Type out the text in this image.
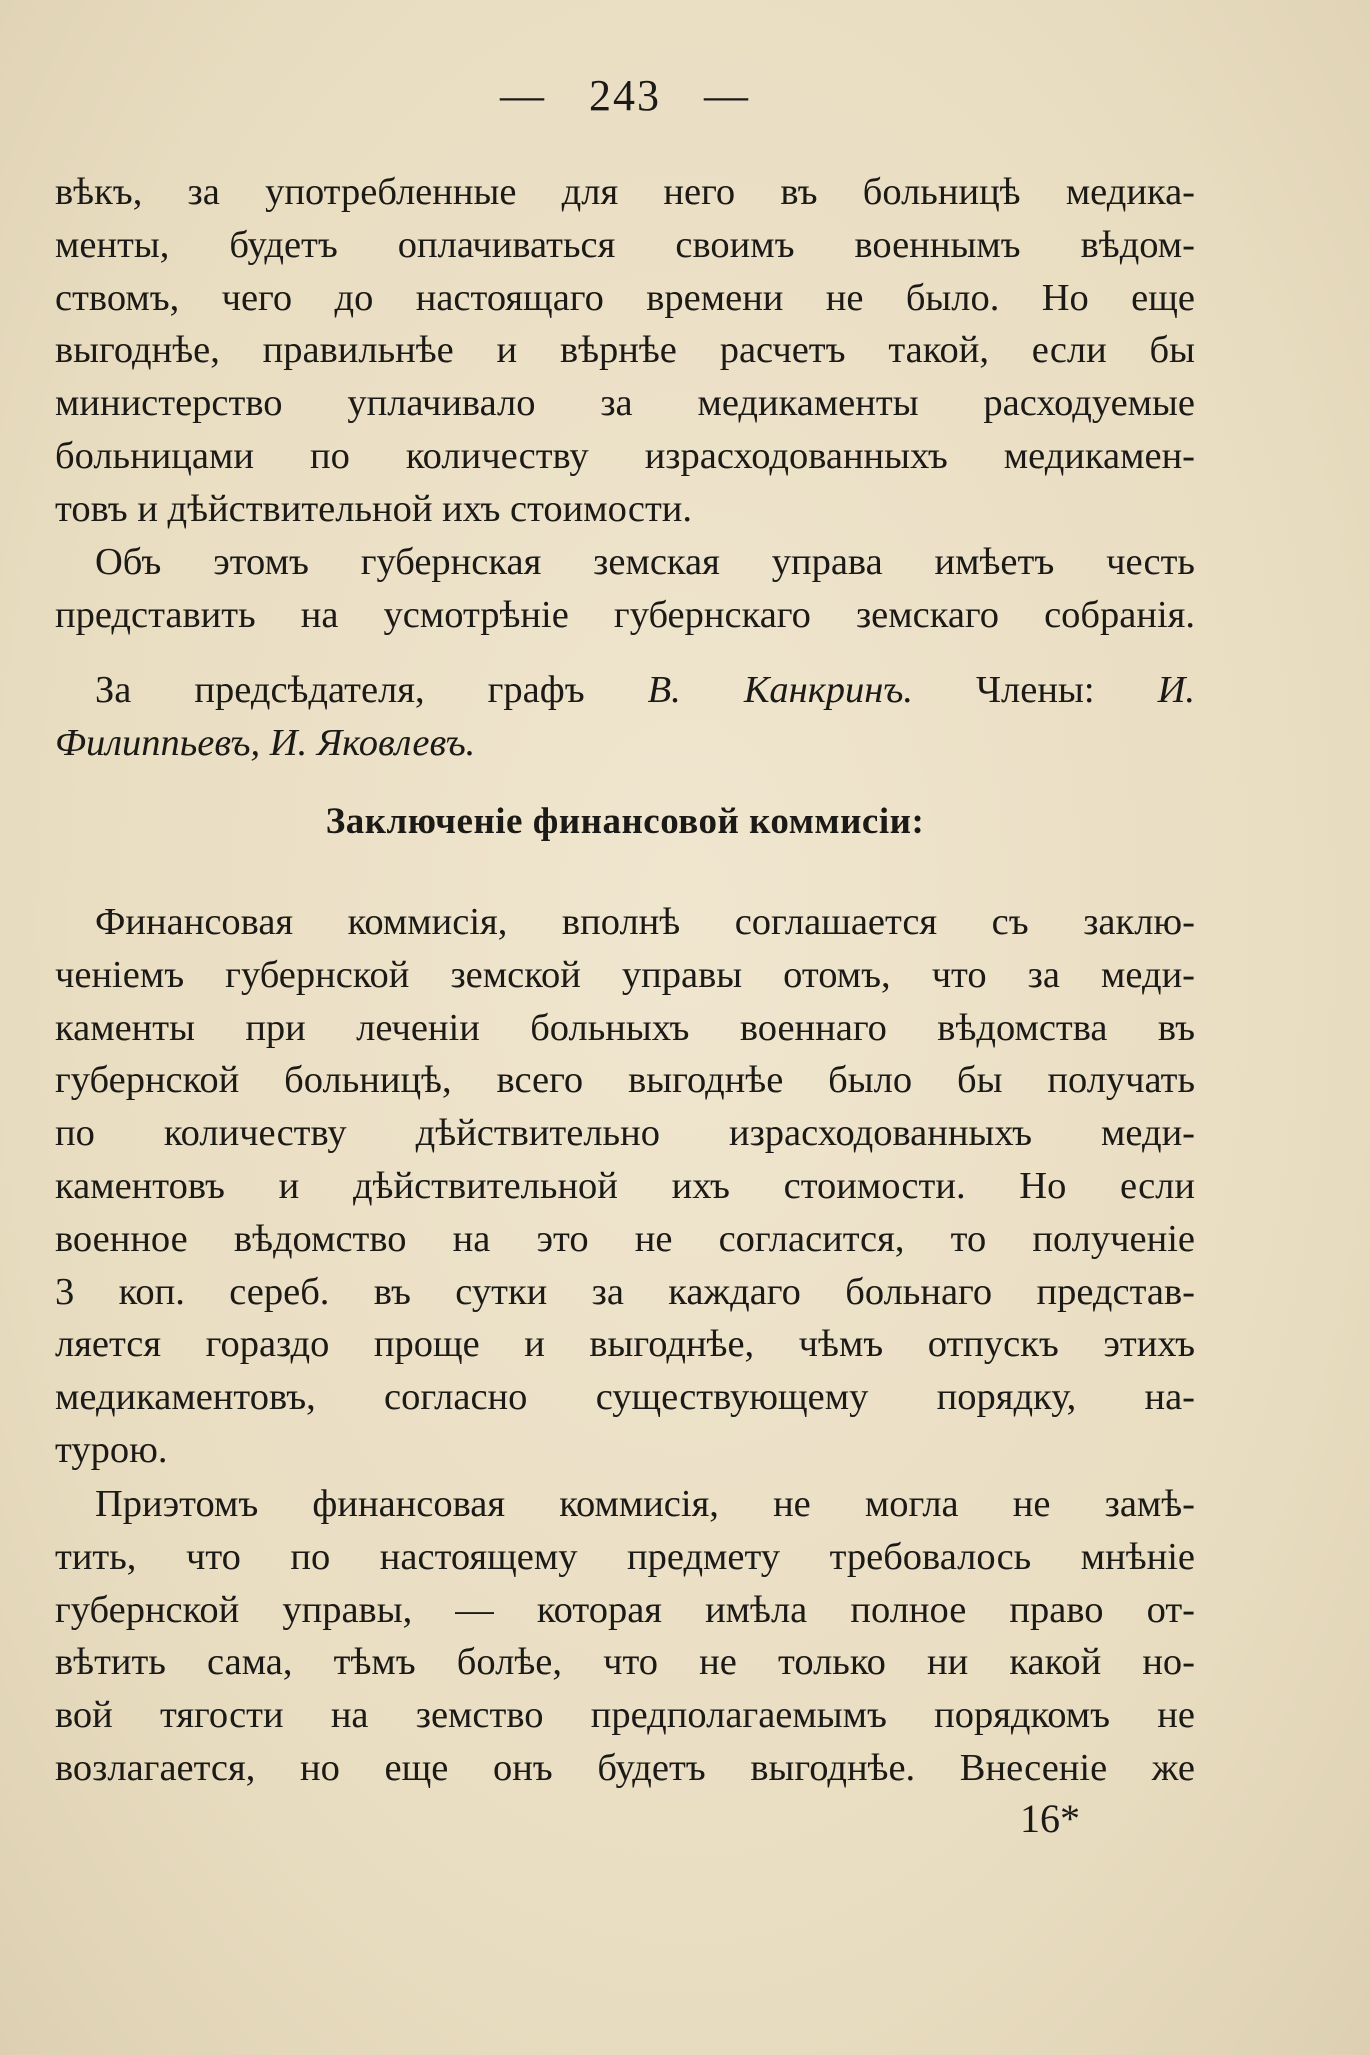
— 243 —
вѣкъ, за употребленные для него въ больницѣ медика-
менты, будетъ оплачиваться своимъ военнымъ вѣдом-
ствомъ, чего до настоящаго времени не было. Но еще
выгоднѣе, правильнѣе и вѣрнѣе расчетъ такой, если бы
министерство уплачивало за медикаменты расходуемые
больницами по количеству израсходованныхъ медикамен-
товъ и дѣйствительной ихъ стоимости.
Объ этомъ губернская земская управа имѣетъ честь
представить на усмотрѣніе губернскаго земскаго собранія.
За предсѣдателя, графъ В. Канкринъ. Члены: И.
Филиппьевъ, И. Яковлевъ.
Заключеніе финансовой коммисіи:
Финансовая коммисія, вполнѣ соглашается съ заклю-
ченіемъ губернской земской управы отомъ, что за меди-
каменты при леченіи больныхъ военнаго вѣдомства въ
губернской больницѣ, всего выгоднѣе было бы получать
по количеству дѣйствительно израсходованныхъ меди-
каментовъ и дѣйствительной ихъ стоимости. Но если
военное вѣдомство на это не согласится, то полученіе
3 коп. сереб. въ сутки за каждаго больнаго представ-
ляется гораздо проще и выгоднѣе, чѣмъ отпускъ этихъ
медикаментовъ, согласно существующему порядку, на-
турою.
Приэтомъ финансовая коммисія, не могла не замѣ-
тить, что по настоящему предмету требовалось мнѣніе
губернской управы, — которая имѣла полное право от-
вѣтить сама, тѣмъ болѣе, что не только ни какой но-
вой тягости на земство предполагаемымъ порядкомъ не
возлагается, но еще онъ будетъ выгоднѣе. Внесеніе же
16*
